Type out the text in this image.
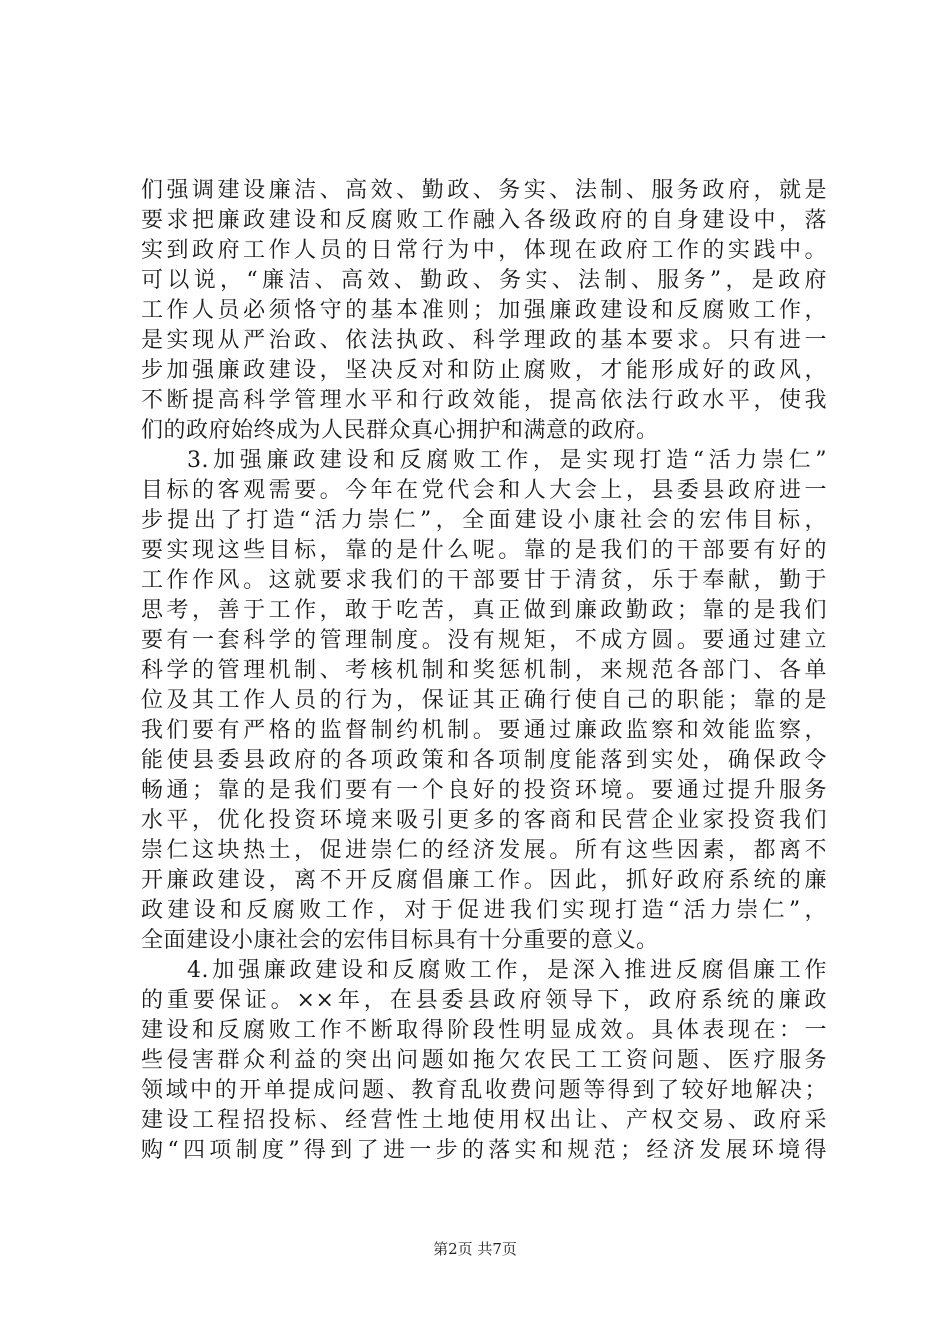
们强调建设廉洁、高效、勤政、务实、法制、服务政府，就是
要求把廉政建设和反腐败工作融入各级政府的自身建设中，落
实到政府工作人员的日常行为中，体现在政府工作的实践中。
可以说，“廉洁、高效、勤政、务实、法制、服务”，是政府
工作人员必须恪守的基本准则；加强廉政建设和反腐败工作，
是实现从严治政、依法执政、科学理政的基本要求。只有进一
步加强廉政建设，坚决反对和防止腐败，才能形成好的政风，
不断提高科学管理水平和行政效能，提高依法行政水平，使我
们的政府始终成为人民群众真心拥护和满意的政府。
3.加强廉政建设和反腐败工作，是实现打造“活力崇仁”
目标的客观需要。今年在党代会和人大会上，县委县政府进一
步提出了打造“活力崇仁”，全面建设小康社会的宏伟目标，
要实现这些目标，靠的是什么呢。靠的是我们的干部要有好的
工作作风。这就要求我们的干部要甘于清贫，乐于奉献，勤于
思考，善于工作，敢于吃苦，真正做到廉政勤政；靠的是我们
要有一套科学的管理制度。没有规矩，不成方圆。要通过建立
科学的管理机制、考核机制和奖惩机制，来规范各部门、各单
位及其工作人员的行为，保证其正确行使自己的职能；靠的是
我们要有严格的监督制约机制。要通过廉政监察和效能监察，
能使县委县政府的各项政策和各项制度能落到实处，确保政令
畅通；靠的是我们要有一个良好的投资环境。要通过提升服务
水平，优化投资环境来吸引更多的客商和民营企业家投资我们
崇仁这块热土，促进崇仁的经济发展。所有这些因素，都离不
开廉政建设，离不开反腐倡廉工作。因此，抓好政府系统的廉
政建设和反腐败工作，对于促进我们实现打造“活力崇仁”，
全面建设小康社会的宏伟目标具有十分重要的意义。
4.加强廉政建设和反腐败工作，是深入推进反腐倡廉工作
的重要保证。××年，在县委县政府领导下，政府系统的廉政
建设和反腐败工作不断取得阶段性明显成效。具体表现在：一
些侵害群众利益的突出问题如拖欠农民工工资问题、医疗服务
领域中的开单提成问题、教育乱收费问题等得到了较好地解决；
建设工程招投标、经营性土地使用权出让、产权交易、政府采
购“四项制度”得到了进一步的落实和规范；经济发展环境得
第2页 共7页
